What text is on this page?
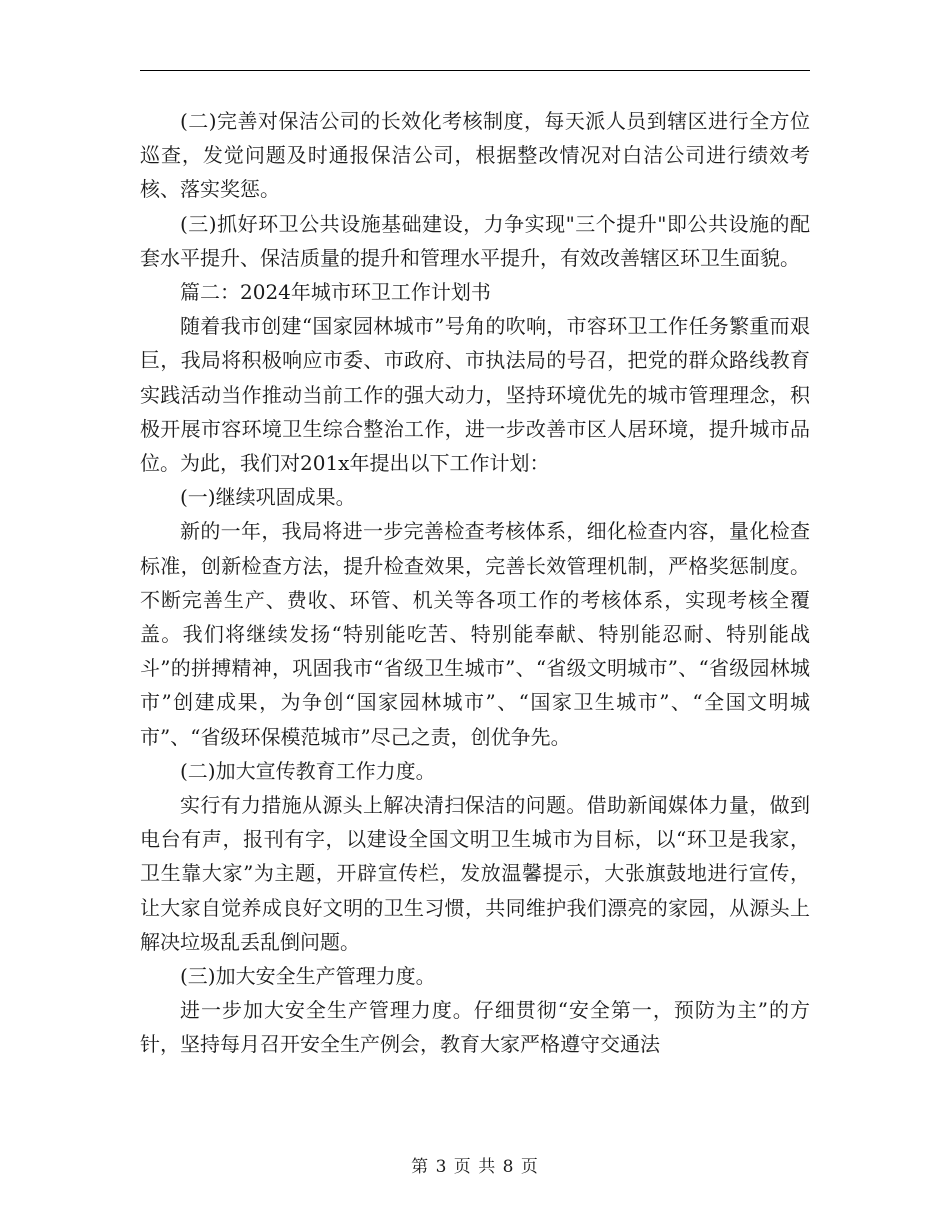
(二)完善对保洁公司的长效化考核制度，每天派人员到辖区进行全方位巡查，发觉问题及时通报保洁公司，根据整改情况对白洁公司进行绩效考核、落实奖惩。

(三)抓好环卫公共设施基础建设，力争实现"三个提升"即公共设施的配套水平提升、保洁质量的提升和管理水平提升，有效改善辖区环卫生面貌。

篇二：2024年城市环卫工作计划书

随着我市创建“国家园林城市”号角的吹响，市容环卫工作任务繁重而艰巨，我局将积极响应市委、市政府、市执法局的号召，把党的群众路线教育实践活动当作推动当前工作的强大动力，坚持环境优先的城市管理理念，积极开展市容环境卫生综合整治工作，进一步改善市区人居环境，提升城市品位。为此，我们对201x年提出以下工作计划：

(一)继续巩固成果。

新的一年，我局将进一步完善检查考核体系，细化检查内容，量化检查标准，创新检查方法，提升检查效果，完善长效管理机制，严格奖惩制度。不断完善生产、费收、环管、机关等各项工作的考核体系，实现考核全覆盖。我们将继续发扬“特别能吃苦、特别能奉献、特别能忍耐、特别能战斗”的拼搏精神，巩固我市“省级卫生城市”、“省级文明城市”、“省级园林城市”创建成果，为争创“国家园林城市”、“国家卫生城市”、“全国文明城市”、“省级环保模范城市”尽己之责，创优争先。

(二)加大宣传教育工作力度。

实行有力措施从源头上解决清扫保洁的问题。借助新闻媒体力量，做到电台有声，报刊有字，以建设全国文明卫生城市为目标，以“环卫是我家，卫生靠大家”为主题，开辟宣传栏，发放温馨提示，大张旗鼓地进行宣传，让大家自觉养成良好文明的卫生习惯，共同维护我们漂亮的家园，从源头上解决垃圾乱丢乱倒问题。

(三)加大安全生产管理力度。

进一步加大安全生产管理力度。仔细贯彻“安全第一，预防为主”的方针，坚持每月召开安全生产例会，教育大家严格遵守交通法

第 3 页 共 8 页
